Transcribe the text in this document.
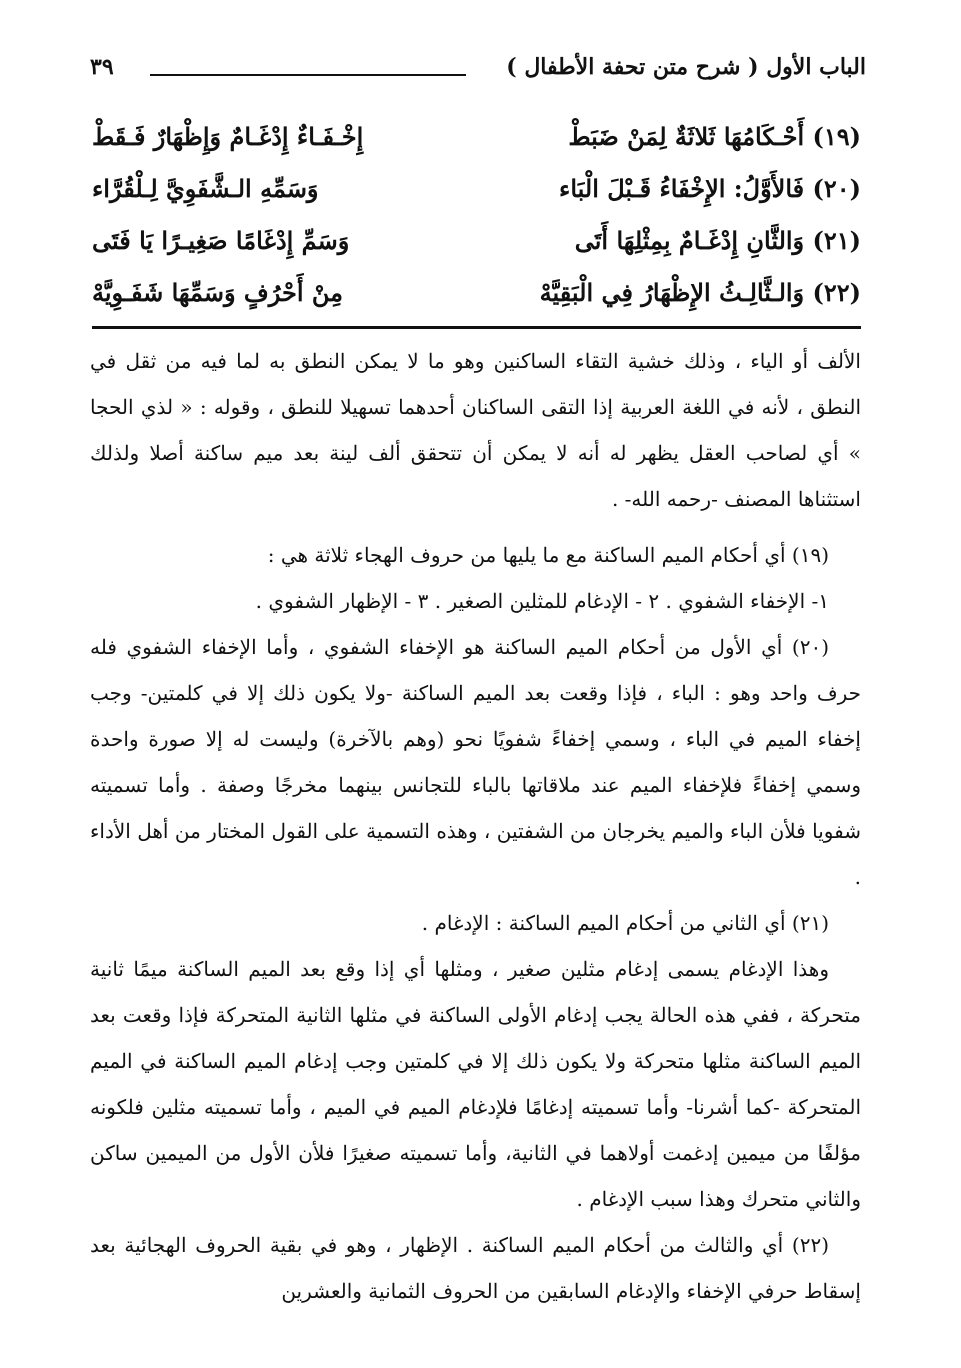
الباب الأول ( شرح متن تحفة الأطفال )
٣٩
(١٩) أَحْـكَامُهَا ثَلاثَةٌ لِمَنْ ضَبَطْ
إِخْـفَـاءٌ إِدْغَـامٌ وَإِظْهَارٌ فَـقَطْ
(٢٠) فَالأَوَّلُ: الإِخْفَاءُ قَـبْلَ الْبَاء
وَسَمِّهِ الـشَّفَوِيَّ لِـلْقُرَّاء
(٢١) وَالثَّانِ إِدْغَـامٌ بِمِثْلِهَا أَتَى
وَسَمِّ إِدْغَامًا صَغِيـرًا يَا فَتَى
(٢٢) وَالـثَّالِـثُ الإِظْهَارُ فِي الْبَقِيَّهْ
مِنْ أَحْرُفٍ وَسَمِّهَا شَفَـوِيَّهْ

الألف أو الياء ، وذلك خشية التقاء الساكنين وهو ما لا يمكن النطق به لما فيه من ثقل في النطق ، لأنه في اللغة العربية إذا التقى الساكنان أحدهما تسهيلا للنطق ، وقوله : « لذي الحجا » أي لصاحب العقل يظهر له أنه لا يمكن أن تتحقق ألف لينة بعد ميم ساكنة أصلا ولذلك استثناها المصنف -رحمه الله- .

(١٩) أي أحكام الميم الساكنة مع ما يليها من حروف الهجاء ثلاثة هي :

١- الإخفاء الشفوي . ٢ - الإدغام للمثلين الصغير . ٣ - الإظهار الشفوي .

(٢٠) أي الأول من أحكام الميم الساكنة هو الإخفاء الشفوي ، وأما الإخفاء الشفوي فله حرف واحد وهو : الباء ، فإذا وقعت بعد الميم الساكنة -ولا يكون ذلك إلا في كلمتين- وجب إخفاء الميم في الباء ، وسمي إخفاءً شفويًا نحو (وهم بالآخرة) وليست له إلا صورة واحدة وسمي إخفاءً فلإخفاء الميم عند ملاقاتها بالباء للتجانس بينهما مخرجًا وصفة . وأما تسميته شفويا فلأن الباء والميم يخرجان من الشفتين ، وهذه التسمية على القول المختار من أهل الأداء .

(٢١) أي الثاني من أحكام الميم الساكنة : الإدغام .

وهذا الإدغام يسمى إدغام مثلين صغير ، ومثلها أي إذا وقع بعد الميم الساكنة ميمًا ثانية متحركة ، ففي هذه الحالة يجب إدغام الأولى الساكنة في مثلها الثانية المتحركة فإذا وقعت بعد الميم الساكنة مثلها متحركة ولا يكون ذلك إلا في كلمتين وجب إدغام الميم الساكنة في الميم المتحركة -كما أشرنا- وأما تسميته إدغامًا فلإدغام الميم في الميم ، وأما تسميته مثلين فلكونه مؤلفًا من ميمين إدغمت أولاهما في الثانية، وأما تسميته صغيرًا فلأن الأول من الميمين ساكن والثاني متحرك وهذا سبب الإدغام .

(٢٢) أي والثالث من أحكام الميم الساكنة . الإظهار ، وهو في بقية الحروف الهجائية بعد إسقاط حرفي الإخفاء والإدغام السابقين من الحروف الثمانية والعشرين
